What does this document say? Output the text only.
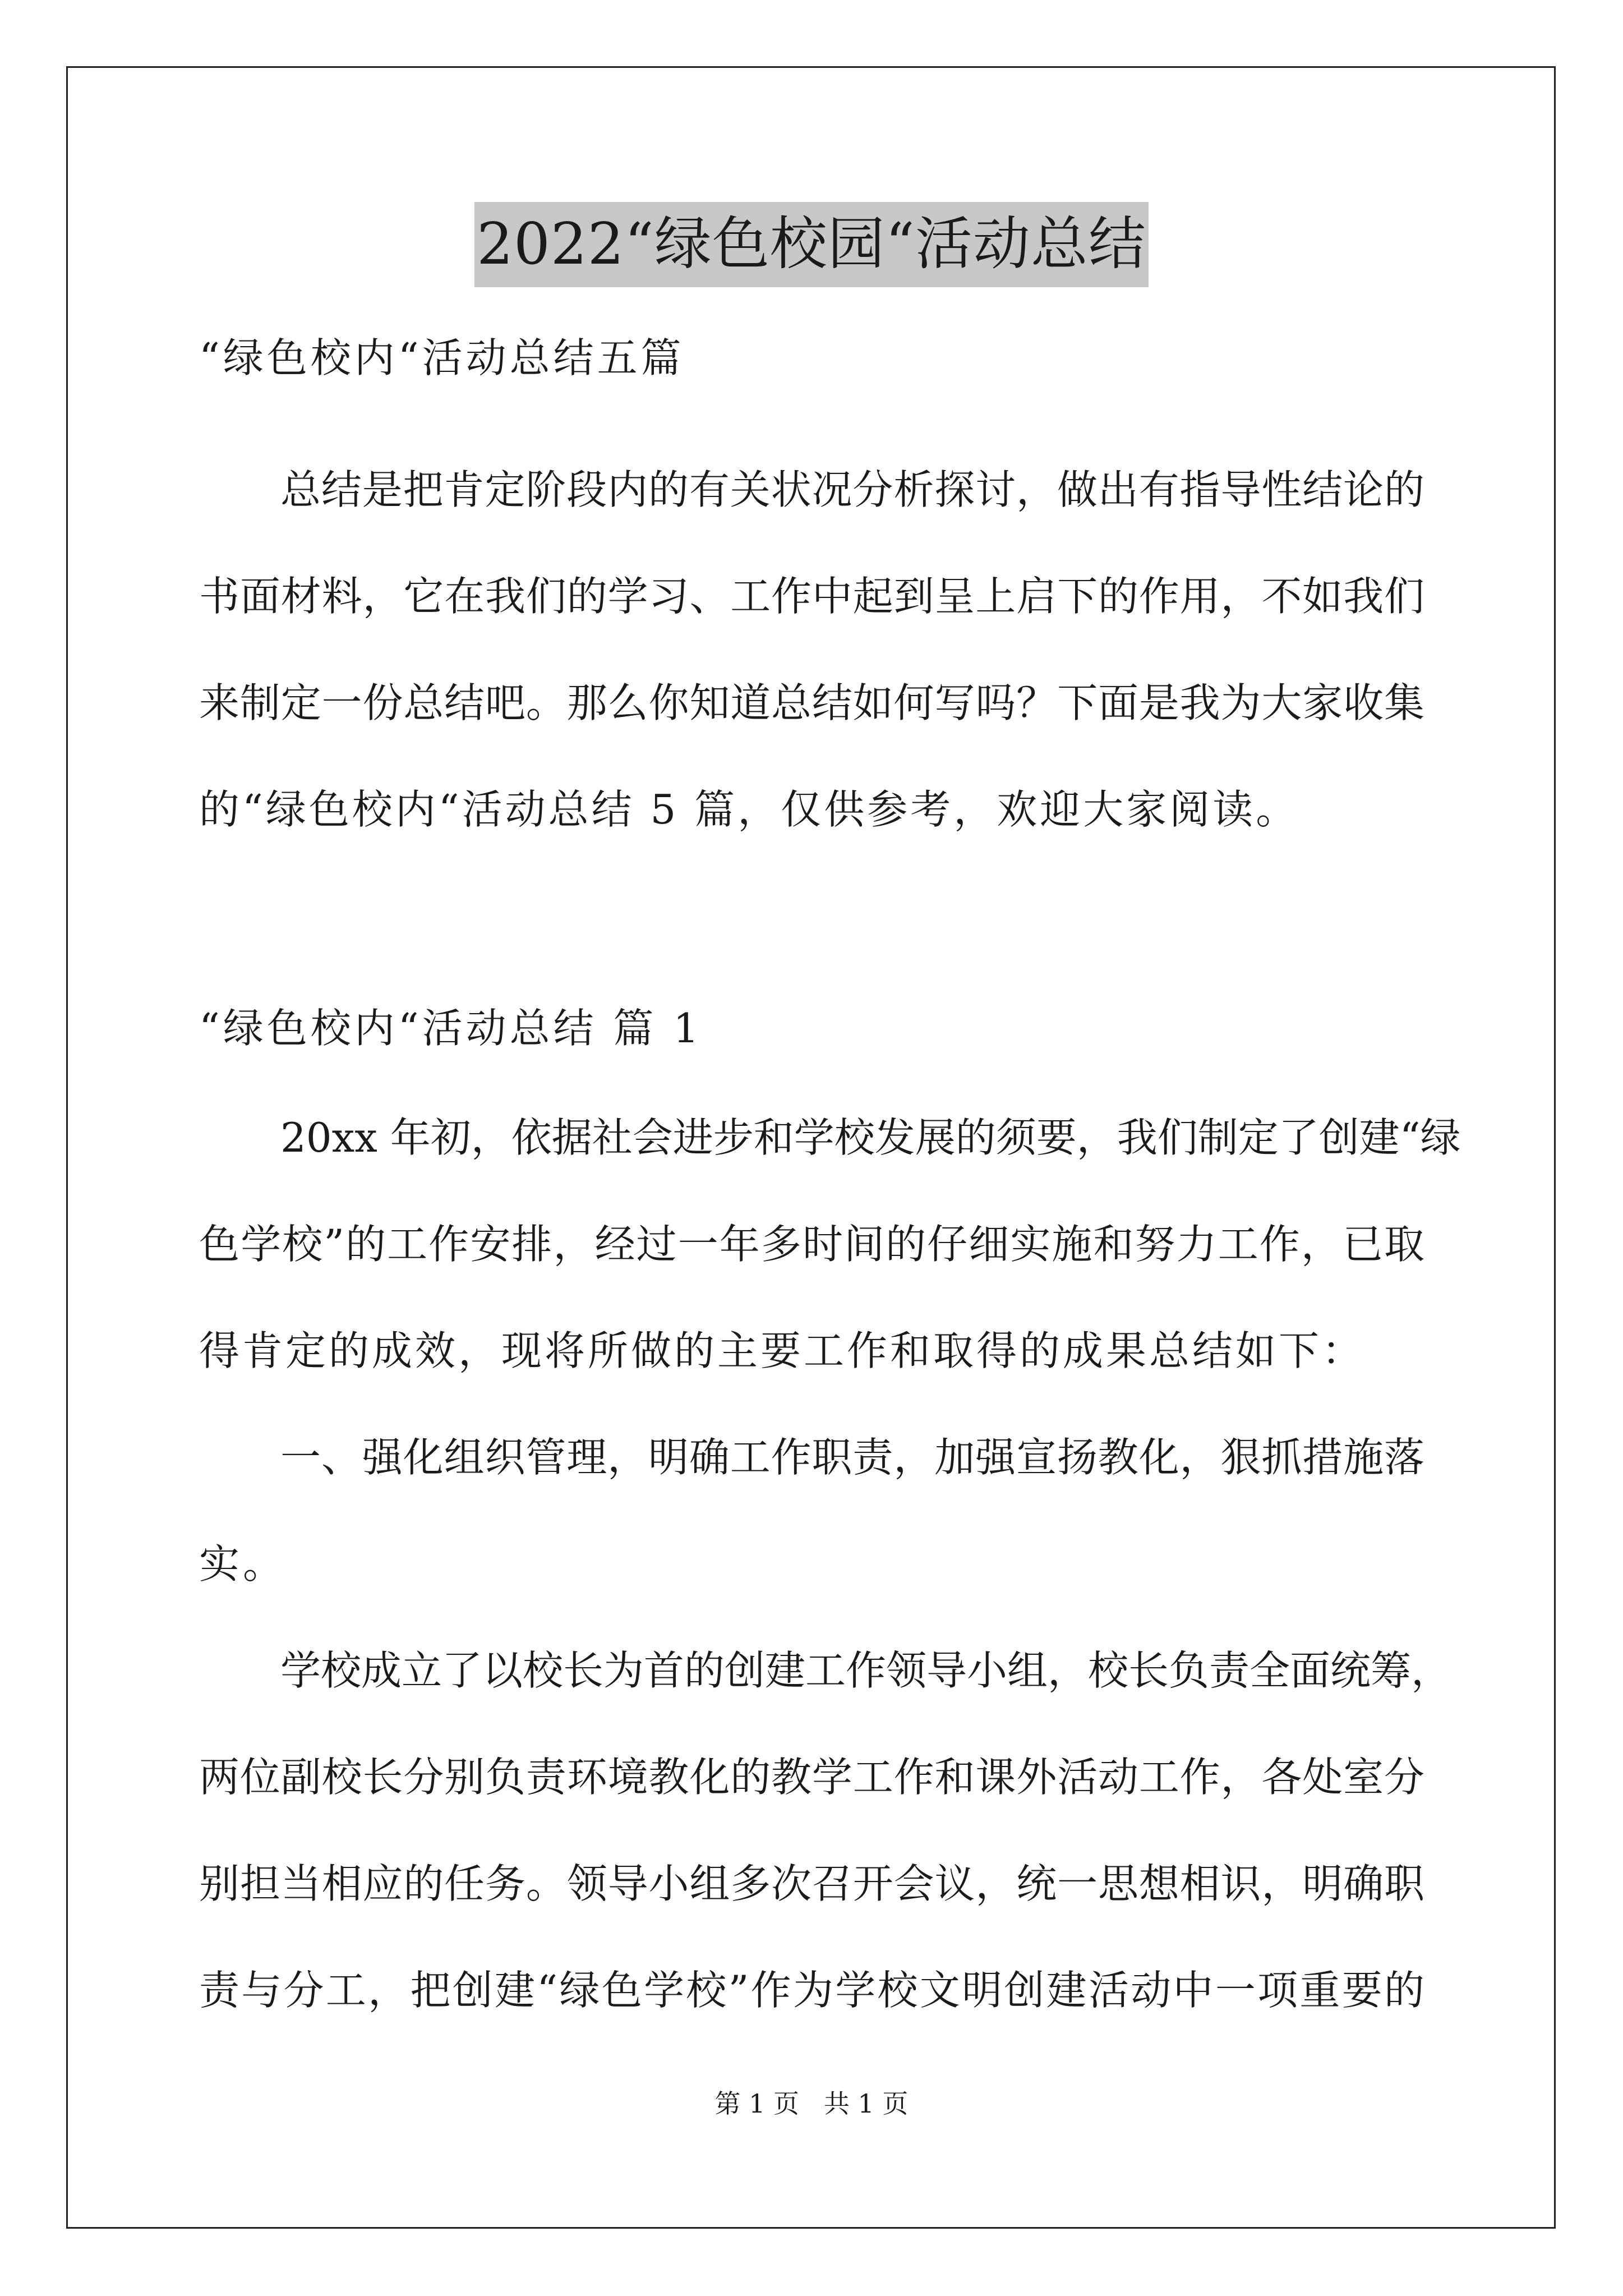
2022“绿色校园“活动总结
“绿色校内“活动总结五篇
总结是把肯定阶段内的有关状况分析探讨，做出有指导性结论的
书面材料，它在我们的学习、工作中起到呈上启下的作用，不如我们
来制定一份总结吧。那么你知道总结如何写吗？下面是我为大家收集
的“绿色校内“活动总结 5 篇，仅供参考，欢迎大家阅读。
“绿色校内“活动总结 篇 1
20xx 年初，依据社会进步和学校发展的须要，我们制定了创建“绿
色学校”的工作安排，经过一年多时间的仔细实施和努力工作，已取
得肯定的成效，现将所做的主要工作和取得的成果总结如下：
一、强化组织管理，明确工作职责，加强宣扬教化，狠抓措施落
实。
学校成立了以校长为首的创建工作领导小组，校长负责全面统筹，
两位副校长分别负责环境教化的教学工作和课外活动工作，各处室分
别担当相应的任务。领导小组多次召开会议，统一思想相识，明确职
责与分工，把创建“绿色学校”作为学校文明创建活动中一项重要的
第 1 页   共 1 页
